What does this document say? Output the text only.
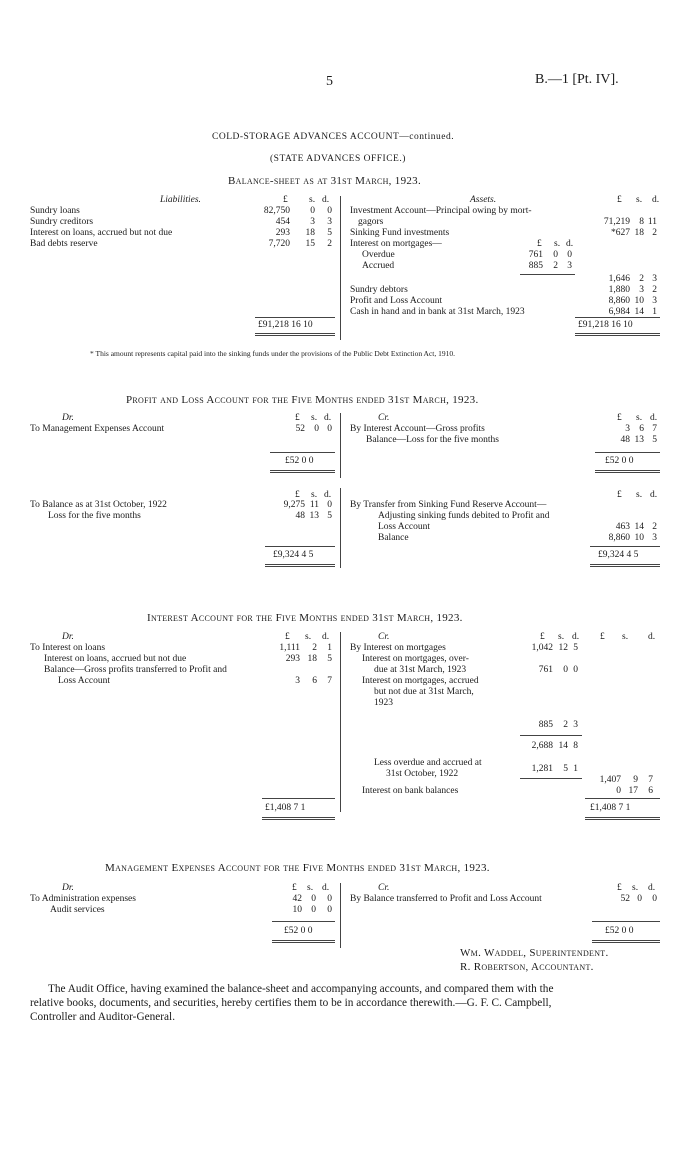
5	B.—1 [Pt. IV].
COLD-STORAGE ADVANCES ACCOUNT—continued.
(STATE ADVANCES OFFICE.)
Balance-sheet as at 31st March, 1923.
Liabilities.	£ s. d.	Assets.	£ s. d.
Sundry loans	82,750	0	0
Sundry creditors	454	3	3
Interest on loans, accrued but not due	293	18	5
Bad debts reserve	7,720	15	2
Investment Account—Principal owing by mort-
gagors	71,219 8 11
Sinking Fund investments	*627 18 2
Interest on mortgages—	£ s. d.
Overdue	761	0 0
Accrued	885	2 3
1,646 2 3
Sundry debtors	1,880 3 2
Profit and Loss Account	8,860 10 3
Cash in hand and in bank at 31st March, 1923	6,984 14 1
£91,218 16 10	£91,218 16 10
* This amount represents capital paid into the sinking funds under the provisions of the Public Debt Extinction Act, 1910.
Profit and Loss Account for the Five Months ended 31st March, 1923.
Dr.	£ s. d.	Cr.	£ s. d.
To Management Expenses Account	52 0 0 By Interest Account—Gross profits	3 6 7
Balance—Loss for the five months	48 13 5
£52 0 0	£52 0 0
£ s. d.	£ s. d.
To Balance as at 31st October, 1922	9,275 11 0
Loss for the five months	48 13 5
By Transfer from Sinking Fund Reserve Account—
Adjusting sinking funds debited to Profit and
Loss Account	463 14 2
Balance	8,860 10 3
£9,324 4 5	£9,324 4 5
Interest Account for the Five Months ended 31st March, 1923.
Dr.	£ s. d.	Cr.	£ s. d. £ s. d.
To Interest on loans	1,111	2	1
Interest on loans, accrued but not due	293 18	5
Balance—Gross profits transferred to Profit and
Loss Account	3	6	7
By Interest on mortgages	1,042 12 5
Interest on mortgages, over-
due at 31st March, 1923	761	0 0
Interest on mortgages, accrued
but not due at 31st March,
1923
885	2 3
2,688 14 8
Less overdue and accrued at
31st October, 1922	1,281	5 1
1,407	9	7
Interest on bank balances	0 17	6
£1,408 7 1	£1,408 7 1
Management Expenses Account for the Five Months ended 31st March, 1923.
Dr.	£ s. d.	Cr.	£ s. d.
To Administration expenses	42 0	0
Audit services	10 0	0
By Balance transferred to Profit and Loss Account	52 0	0
£52 0 0	£52 0 0
Wm. Waddel, Superintendent.
R. Robertson, Accountant.
The Audit Office, having examined the balance-sheet and accompanying accounts, and compared them with the
relative books, documents, and securities, hereby certifies them to be in accordance therewith.—G. F. C. Campbell,
Controller and Auditor-General.
